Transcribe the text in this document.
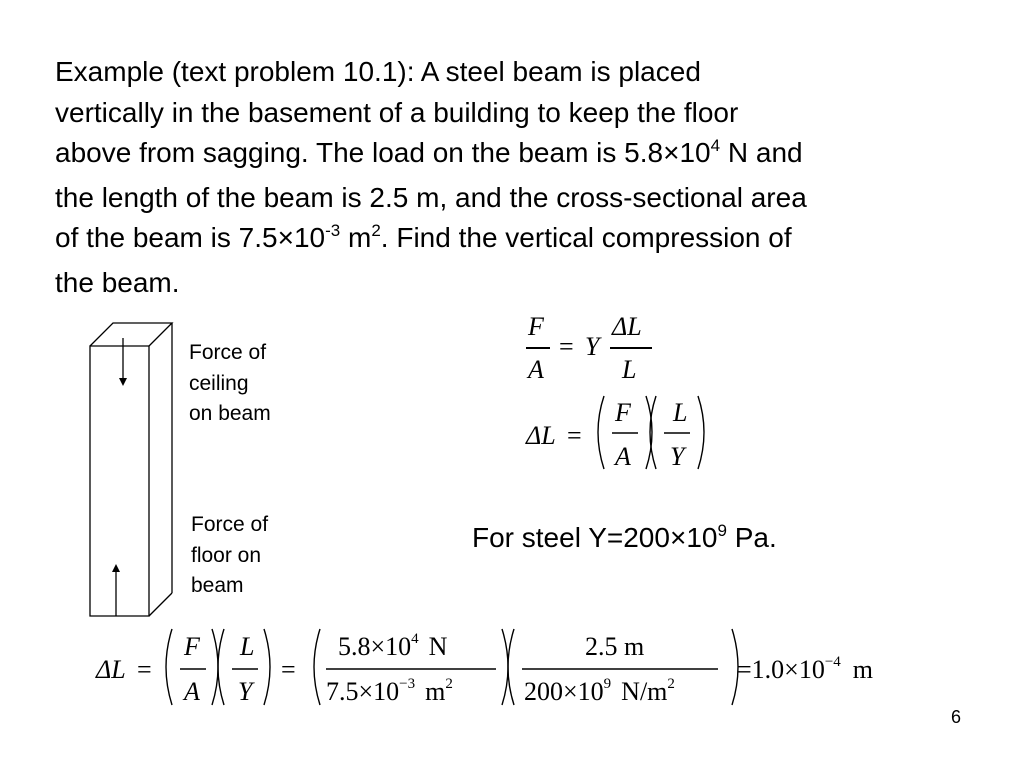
Example (text problem 10.1): A steel beam is placed
vertically in the basement of a building to keep the floor
above from sagging. The load on the beam is $5.8\times 10^4$ N and
the length of the beam is 2.5 m, and the cross-sectional area
of the beam is $7.5\times 10^{-3}$ $m^2$. Find the vertical compression of
the beam.
Force of
ceiling
on beam
Force of
floor on
beam
F
A
= Y
ΔL
L
ΔL =
F
A
L
Y
For steel $Y=200\times 10^9$ Pa.
ΔL =	=
F
A
L
Y
5.8×104 N
7.5×10−3 m2
2.5 m
200×109 N/m2 =1.0×10−4 m
6
